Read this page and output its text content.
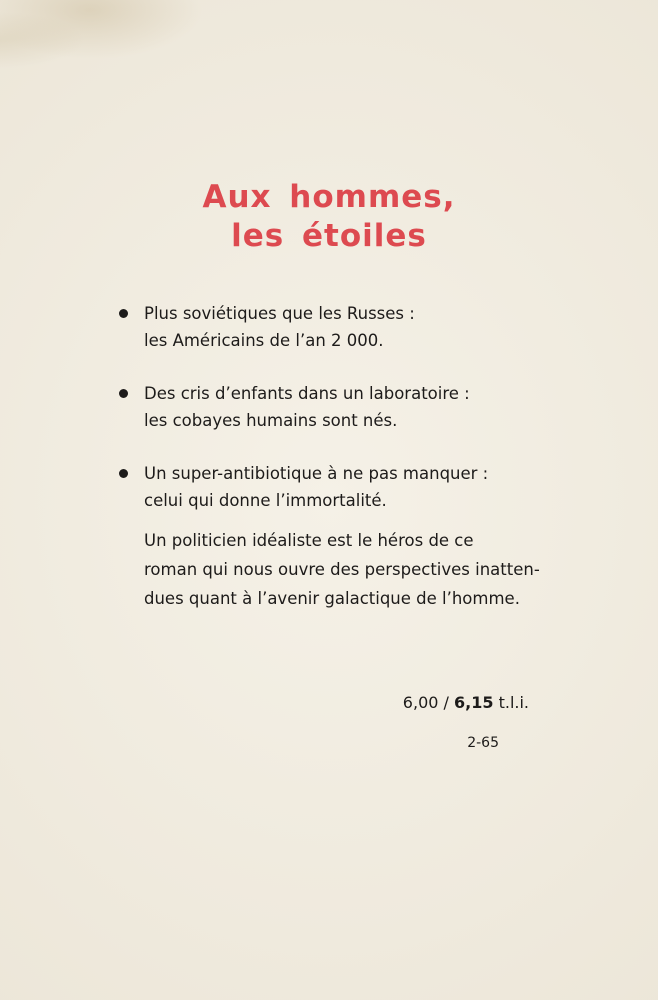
Aux hommes,
les étoiles
Plus soviétiques que les Russes :
les Américains de l’an 2 000.
Des cris d’enfants dans un laboratoire :
les cobayes humains sont nés.
Un super-antibiotique à ne pas manquer :
celui qui donne l’immortalité.

Un politicien idéaliste est le héros de ce
roman qui nous ouvre des perspectives inatten-
dues quant à l’avenir galactique de l’homme.

6,00 / 6,15 t.l.i.
2-65
